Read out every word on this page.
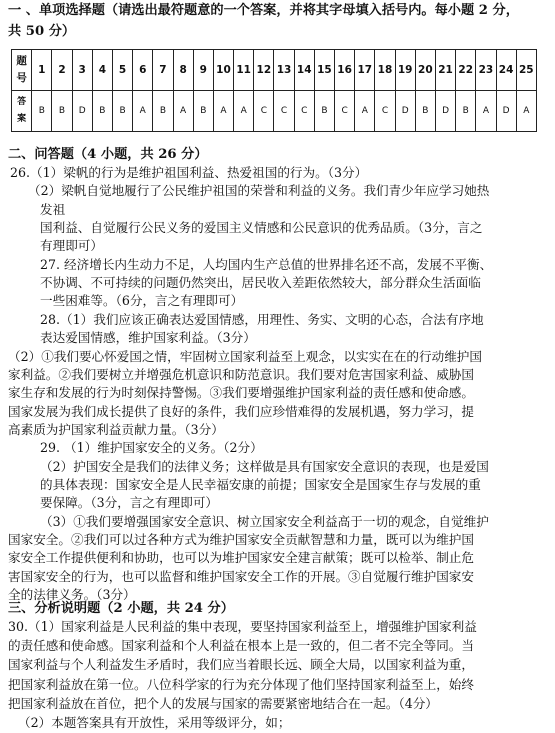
一 、单项选择题（请选出最符题意的一个答案，并将其字母填入括号内。每小题 2 分，
共 50 分）
题
号	1	2	3	4	5	6	7	8	9	10	11	12	13	14	15	16	17	18	19	20	21	22	23	24	25
答
案	B	B	D	B	B	A	B	A	B	A	A	C	C	C	B	C	A	C	D	B	D	B	A	D	A
二、问答题（4 小题，共 26 分）
26.（1）梁帆的行为是维护祖国利益、热爱祖国的行为。（3分）
（2）梁帆自觉地履行了公民维护祖国的荣誉和利益的义务。我们青少年应学习她热
发祖
国利益、自觉履行公民义务的爱国主义情感和公民意识的优秀品质。（3分，言之
有理即可）
27. 经济增长内生动力不足，人均国内生产总值的世界排名还不高，发展不平衡、
不协调、不可持续的问题仍然突出，居民收入差距依然较大，部分群众生活面临
一些困难等。（6分，言之有理即可）
28.（1）我们应该正确表达爱国情感，用理性、务实、文明的心态，合法有序地
表达爱国情感，维护国家利益。（3分）
（2）①我们要心怀爱国之情，牢固树立国家利益至上观念，以实实在在的行动维护国
家利益。②我们要树立并增强危机意识和防范意识。我们要对危害国家利益、威胁国
家生存和发展的行为时刻保持警惕。③我们要增强维护国家利益的责任感和使命感。
国家发展为我们成长提供了良好的条件，我们应珍惜难得的发展机遇，努力学习，提
高素质为护国家利益贡献力量。（3分）
29. （1）维护国家安全的义务。（2分）
（2）护国安全是我们的法律义务；这样做是具有国家安全意识的表现，也是爱国
的具体表现：国家安全是人民幸福安康的前提；国家安全是国家生存与发展的重
要保障。（3分，言之有理即可）
（3）①我们要增强国家安全意识、树立国家安全利益高于一切的观念，自觉维护
国家安全。②我们可以过各种方式为维护国家安全贡献智慧和力量，既可以为维护国
家安全工作提供便利和协助，也可以为堆护国家安全建言献策；既可以检举、制止危
害国家安全的行为，也可以监督和维护国家安全工作的开展。③自觉履行维护国家安
全的法律义务。（3分）
三、分析说明题（2 小题，共 24 分）
30.（1）国家利益是人民利益的集中表现，要坚持国家利益至上，增强维护国家利益
的责任感和使命感。国家利益和个人利益在根本上是一致的，但二者不完全等同。当
国家利益与个人利益发生矛盾时，我们应当着眼长远、顾全大局，以国家利益为重，
把国家利益放在第一位。八位科学家的行为充分体现了他们坚持国家利益至上，始终
把国家利益放在首位，把个人的发展与国家的需要紧密地结合在一起。（4分）
（2）本题答案具有开放性，采用等级评分，如；
